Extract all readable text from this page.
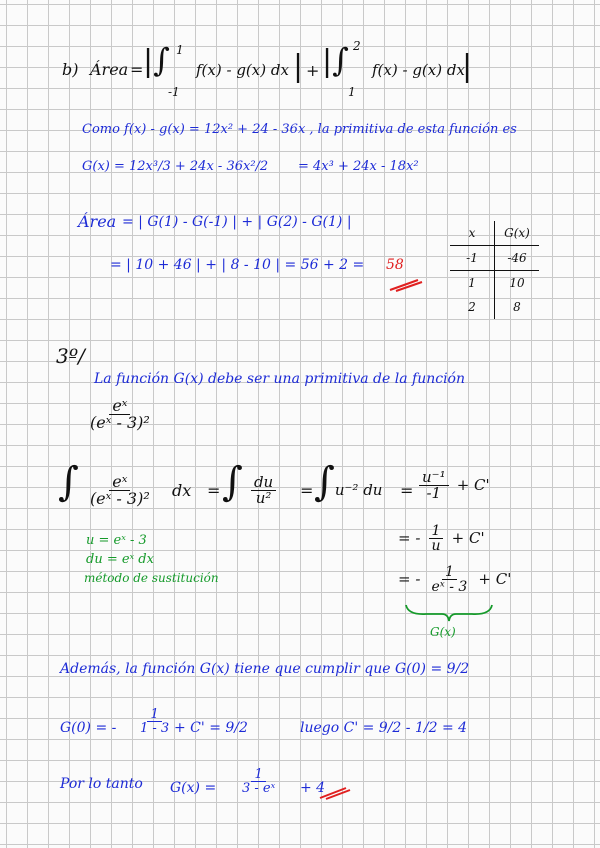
b) Área = |∫ 1
-1
f(x) - g(x) dx | + |∫ 2
1
f(x) - g(x) dx
|
Como f(x) - g(x) = 12x² + 24 - 36x , la primitiva de esta función es
G(x) = 12x³/3 + 24x - 36x²/2 = 4x³ + 24x - 18x²
Área = | G(1) - G(-1) | + | G(2) - G(1) |
= | 10 + 46 | + | 8 - 10 | = 56 + 2 = 58
x	G(x)
-1	-46
1	10
2	8
3º/
La función G(x) debe ser una primitiva de la función
$\frac{\text{eˣ}}{\text{(eˣ - 3)²}}$
∫ $\frac{\text{eˣ}}{\text{(eˣ - 3)²}}$ dx = ∫ $\frac{du}{\text{u²}} = \int u^{-2}$ du = $\frac{\text{u⁻¹}}{-1} + C'$
u = eˣ - 3
du = eˣ dx
método de sustitución
= - $\frac{1}{u} + C'$
= - $\frac{1}{\text{eˣ - 3}} + C'$
G(x)
Además, la función G(x) tiene que cumplir que G(0) = 9/2
G(0) = - $\frac{1}{1 - 3} + C' = 9/2$	luego C' = 9/2 - 1/2 = 4
Por lo tanto $G(x) = \frac{1}{\text{3 - eˣ}} + 4$
